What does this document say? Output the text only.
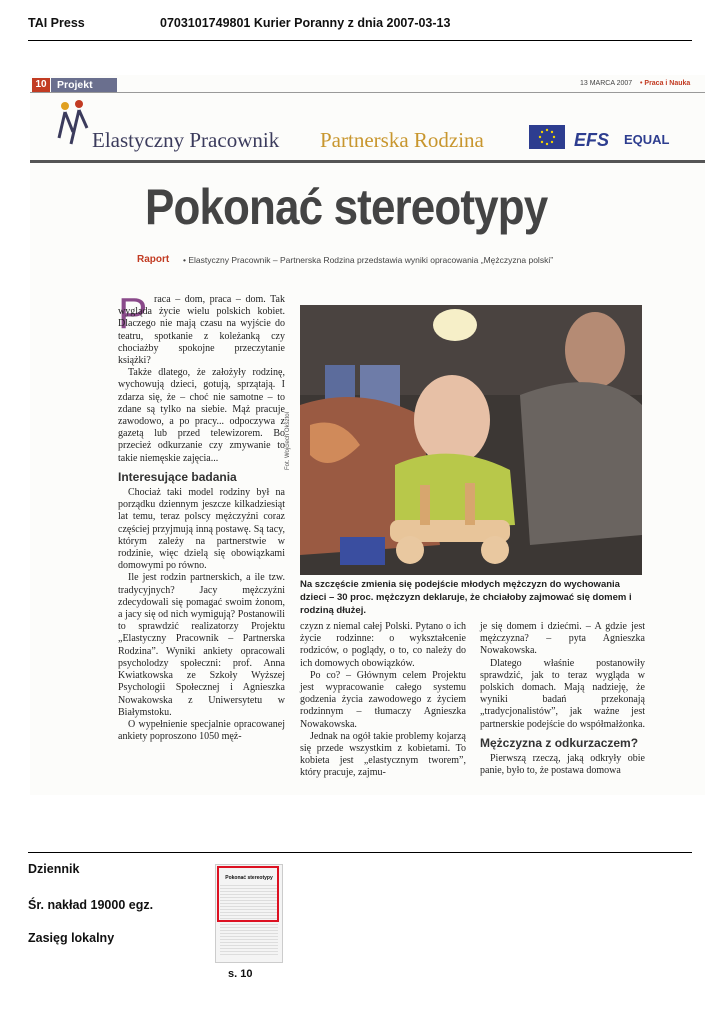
TAI Press	0703101749801 Kurier Poranny z dnia 2007-03-13
10 Projekt	13 MARCA 2007 • Praca i Nauka
Elastyczny Pracownik Partnerska Rodzina	EFS EQUAL
Pokonać stereotypy
Raport • Elastyczny Pracownik – Partnerska Rodzina przedstawia wyniki opracowania „Mężczyzna polski”
P raca – dom, praca – dom. Tak wygląda życie wielu polskich kobiet. Dlaczego nie mają czasu na wyjście do teatru, spotkanie z koleżanką czy chociażby spokojne przeczytanie książki?

Także dlatego, że założyły rodzinę, wychowują dzieci, gotują, sprzątają. I zdarza się, że – choć nie samotne – to zdane są tylko na siebie. Mąż pracuje zawodowo, a po pracy... odpoczywa z gazetą lub przed telewizorem. Bo przecież odkurzanie czy zmywanie to takie niemęskie zajęcia...

Interesujące badania

Chociaż taki model rodziny był na porządku dziennym jeszcze kilkadziesiąt lat temu, teraz polscy mężczyźni coraz częściej przyjmują inną postawę. Są tacy, którym zależy na partnerstwie w rodzinie, więc dzielą się obowiązkami domowymi po równo.

Ile jest rodzin partnerskich, a ile tzw. tradycyjnych? Jacy mężczyźni zdecydowali się pomagać swoim żonom, a jacy się od nich wymigują? Postanowili to sprawdzić realizatorzy Projektu „Elastyczny Pracownik – Partnerska Rodzina”. Wyniki ankiety opracowali psycholodzy społeczni: prof. Anna Kwiatkowska ze Szkoły Wyższej Psychologii Społecznej i Agnieszka Nowakowska z Uniwersytetu w Białymstoku.

O wypełnienie specjalnie opracowanej ankiety poproszono 1050 męż-

Fot. Wojciech Oksztol
Na szczęście zmienia się podejście młodych mężczyzn do wychowania dzieci – 30 proc. mężczyzn deklaruje, że chciałoby zajmować się domem i rodziną dłużej.

czyzn z niemal całej Polski. Pytano o ich życie rodzinne: o wykształcenie rodziców, o poglądy, o to, co należy do ich domowych obowiązków.

Po co? – Głównym celem Projektu jest wypracowanie całego systemu godzenia życia zawodowego z życiem rodzinnym – tłumaczy Agnieszka Nowakowska.

Jednak na ogół takie problemy kojarzą się przede wszystkim z kobietami. To kobieta jest „elastycznym tworem”, który pracuje, zajmu-

je się domem i dziećmi. – A gdzie jest mężczyzna? – pyta Agnieszka Nowakowska.

Dlatego właśnie postanowiły sprawdzić, jak to teraz wygląda w polskich domach. Mają nadzieję, że wyniki badań przekonają „tradycjonalistów”, jak ważne jest partnerskie podejście do współmałżonka.

Mężczyzna z odkurzaczem?

Pierwszą rzeczą, jaką odkryły obie panie, było to, że postawa domowa

Dziennik
Śr. nakład 19000 egz.
Zasięg lokalny
Pokonać stereotypy
s. 10
